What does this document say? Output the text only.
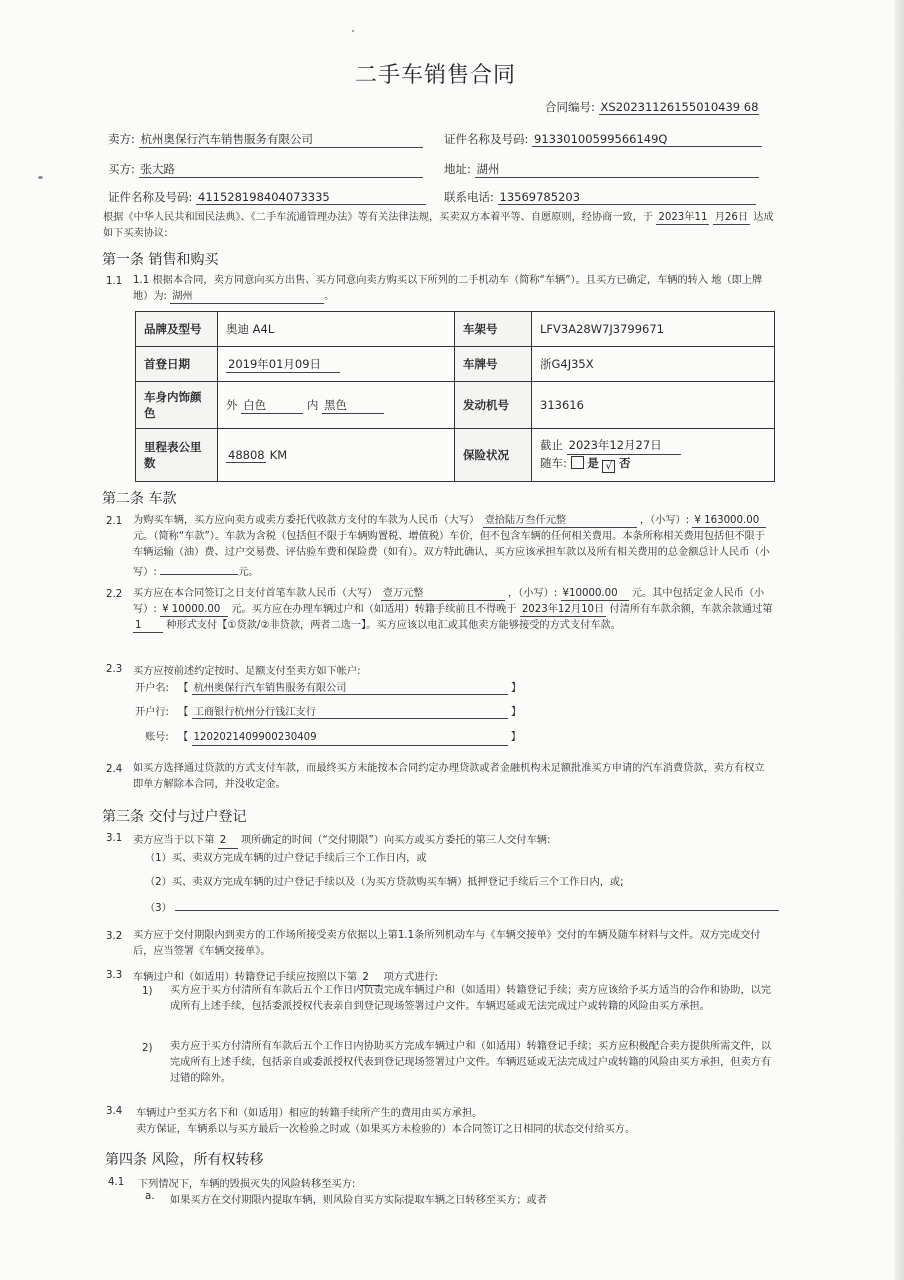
二手车销售合同
合同编号: XS20231126155010439 68
卖方: 杭州奥保行汽车销售服务有限公司	证件名称及号码: 91330100599566149Q
买方: 张大路	地址: 湖州
证件名称及号码: 411528198404073335	联系电话: 13569785203
根据《中华人民共和国民法典》、《二手车流通管理办法》等有关法律法规，买卖双方本着平等、自愿原则，经协商一致，于 2023年11 月26日 达成如下买卖协议:
第一条 销售和购买
1.1 1.1 根据本合同，卖方同意向买方出售、买方同意向卖方购买以下所列的二手机动车（简称“车辆”）。且买方已确定，车辆的转入 地（即上牌地）为: 湖州	。
品牌及型号	奥迪 A4L	车架号	LFV3A28W7J3799671
首登日期	2019年01月09日	车牌号	浙G4J35X
车身内饰颜色	外 白色 内 黑色	发动机号	313616
里程表公里数	48808 KM	保险状况	截止 2023年12月27日
随车: 是 √ 否
第二条 车款
2.1 为购买车辆，买方应向卖方或卖方委托代收款方支付的车款为人民币（大写） 壹拾陆万叁仟元整	，（小写）: ¥ 163000.00 元。（简称“车款”）。车款为含税（包括但不限于车辆购置税、增值税）车价，但不包含车辆的任何相关费用。本条所称相关费用包括但不限于车辆运输（油）费、过户交易费、评估验车费和保险费（如有）。双方特此确认，买方应该承担车款以及所有相关费用的总金额总计人民币（小写）:	元。
2.2 买方应在本合同签订之日支付首笔车款人民币（大写） 壹万元整	，（小写）: ¥10000.00 元。其中包括定金人民币（小写）: ¥ 10000.00 元。买方应在办理车辆过户和（如适用）转籍手续前且不得晚于 2023年12月10日 付清所有车款余额，车款余款通过第 1 种形式支付【①贷款/②非贷款，两者二选一】。买方应该以电汇或其他卖方能够接受的方式支付车款。
2.3 买方应按前述约定按时、足额支付至卖方如下帐户:
开户名: 【 杭州奥保行汽车销售服务有限公司	】
开户行: 【 工商银行杭州分行钱江支行	】
账号: 【 1202021409900230409	】
2.4 如买方选择通过贷款的方式支付车款，而最终买方未能按本合同约定办理贷款或者金融机构未足额批准买方申请的汽车消费贷款，卖方有权立即单方解除本合同，并没收定金。
第三条 交付与过户登记
3.1 卖方应当于以下第 2 项所确定的时间（“交付期限”）向买方或买方委托的第三人交付车辆:
（1）买、卖双方完成车辆的过户登记手续后三个工作日内，或
（2）买、卖双方完成车辆的过户登记手续以及（为买方贷款购买车辆）抵押登记手续后三个工作日内，或;
（3）
3.2 买方应于交付期限内到卖方的工作场所接受卖方依据以上第1.1条所列机动车与《车辆交接单》交付的车辆及随车材料与文件。双方完成交付后，应当签署《车辆交接单》。
3.3 车辆过户和（如适用）转籍登记手续应按照以下第 2 项方式进行:
1) 买方应于买方付清所有车款后五个工作日内负责完成车辆过户和（如适用）转籍登记手续；卖方应该给予买方适当的合作和协助，以完成所有上述手续，包括委派授权代表亲自到登记现场签署过户文件。车辆迟延或无法完成过户或转籍的风险由买方承担。
2) 卖方应于买方付清所有车款后五个工作日内协助买方完成车辆过户和（如适用）转籍登记手续；买方应积极配合卖方提供所需文件，以完成所有上述手续，包括亲自或委派授权代表到登记现场签署过户文件。车辆迟延或无法完成过户或转籍的风险由买方承担，但卖方有过错的除外。
3.4 车辆过户至买方名下和（如适用）相应的转籍手续所产生的费用由买方承担。
卖方保证，车辆系以与买方最后一次检验之时或（如果买方未检验的）本合同签订之日相同的状态交付给买方。
第四条 风险，所有权转移
4.1 下列情况下，车辆的毁损灭失的风险转移至买方:
a. 如果买方在交付期限内提取车辆，则风险自买方实际提取车辆之日转移至买方；或者
